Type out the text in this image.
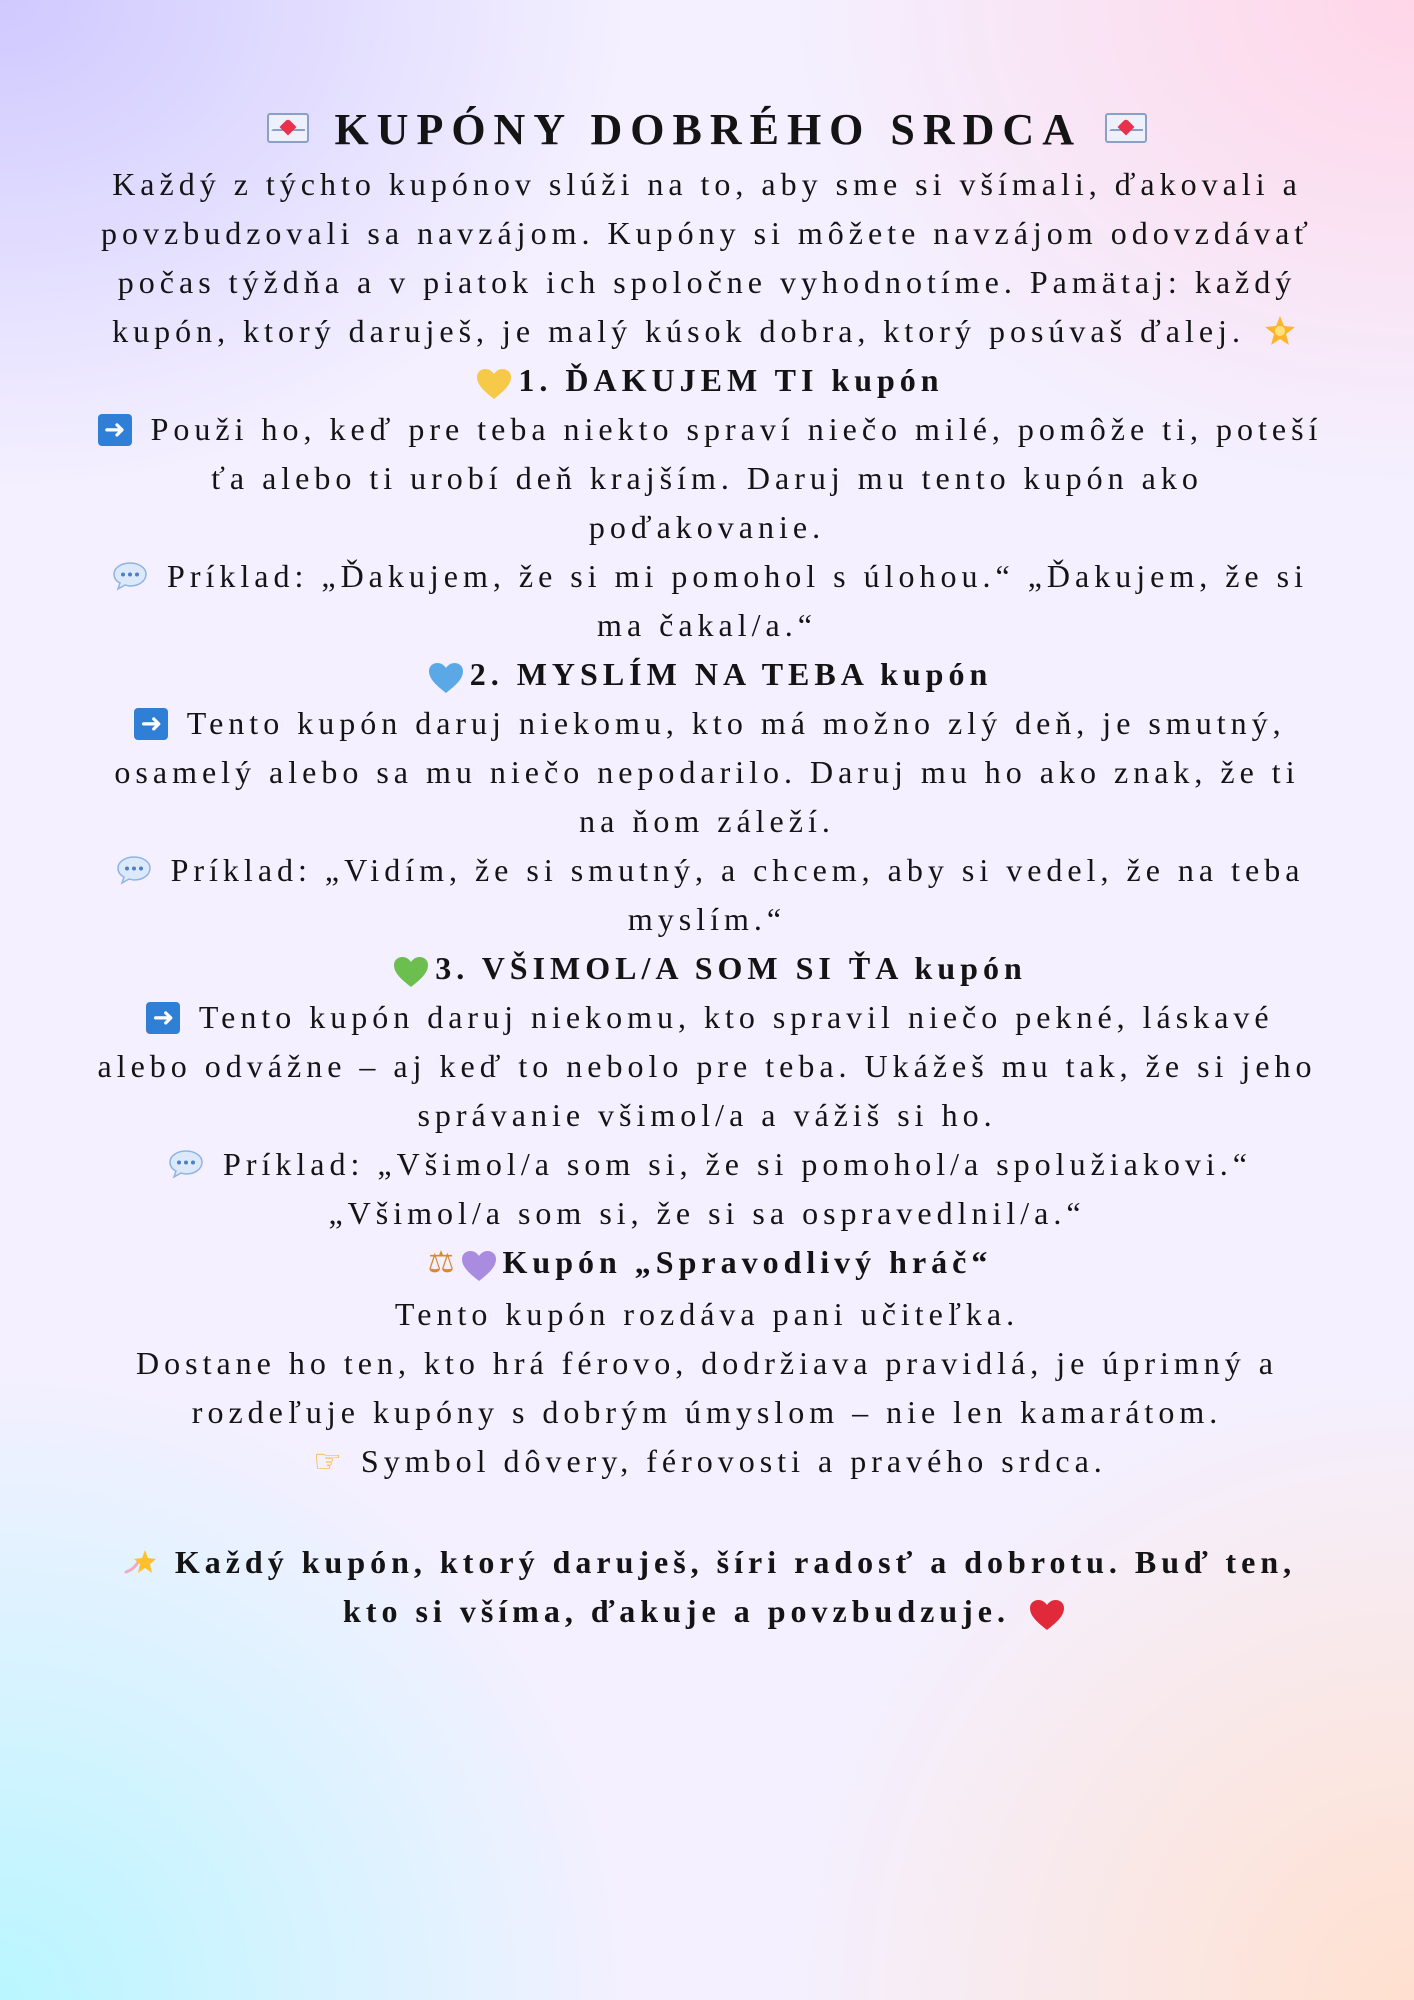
KUPÓNY DOBRÉHO SRDCA

Každý z týchto kupónov slúži na to, aby sme si všímali, ďakovali a

povzbudzovali sa navzájom. Kupóny si môžete navzájom odovzdávať

počas týždňa a v piatok ich spoločne vyhodnotíme. Pamätaj: každý

kupón, ktorý daruješ, je malý kúsok dobra, ktorý posúvaš ďalej.

1. ĎAKUJEM TI kupón

➜ Použi ho, keď pre teba niekto spraví niečo milé, pomôže ti, poteší

ťa alebo ti urobí deň krajším. Daruj mu tento kupón ako

poďakovanie.

Príklad: „Ďakujem, že si mi pomohol s úlohou.“ „Ďakujem, že si

ma čakal/a.“

2. MYSLÍM NA TEBA kupón

➜ Tento kupón daruj niekomu, kto má možno zlý deň, je smutný,

osamelý alebo sa mu niečo nepodarilo. Daruj mu ho ako znak, že ti

na ňom záleží.

Príklad: „Vidím, že si smutný, a chcem, aby si vedel, že na teba

myslím.“

3. VŠIMOL/A SOM SI ŤA kupón

➜ Tento kupón daruj niekomu, kto spravil niečo pekné, láskavé

alebo odvážne – aj keď to nebolo pre teba. Ukážeš mu tak, že si jeho

správanie všimol/a a vážiš si ho.

Príklad: „Všimol/a som si, že si pomohol/a spolužiakovi.“

„Všimol/a som si, že si sa ospravedlnil/a.“

⚖ Kupón „Spravodlivý hráč“

Tento kupón rozdáva pani učiteľka.

Dostane ho ten, kto hrá férovo, dodržiava pravidlá, je úprimný a

rozdeľuje kupóny s dobrým úmyslom – nie len kamarátom.

☞ Symbol dôvery, férovosti a pravého srdca.

Každý kupón, ktorý daruješ, šíri radosť a dobrotu. Buď ten,

kto si všíma, ďakuje a povzbudzuje.
